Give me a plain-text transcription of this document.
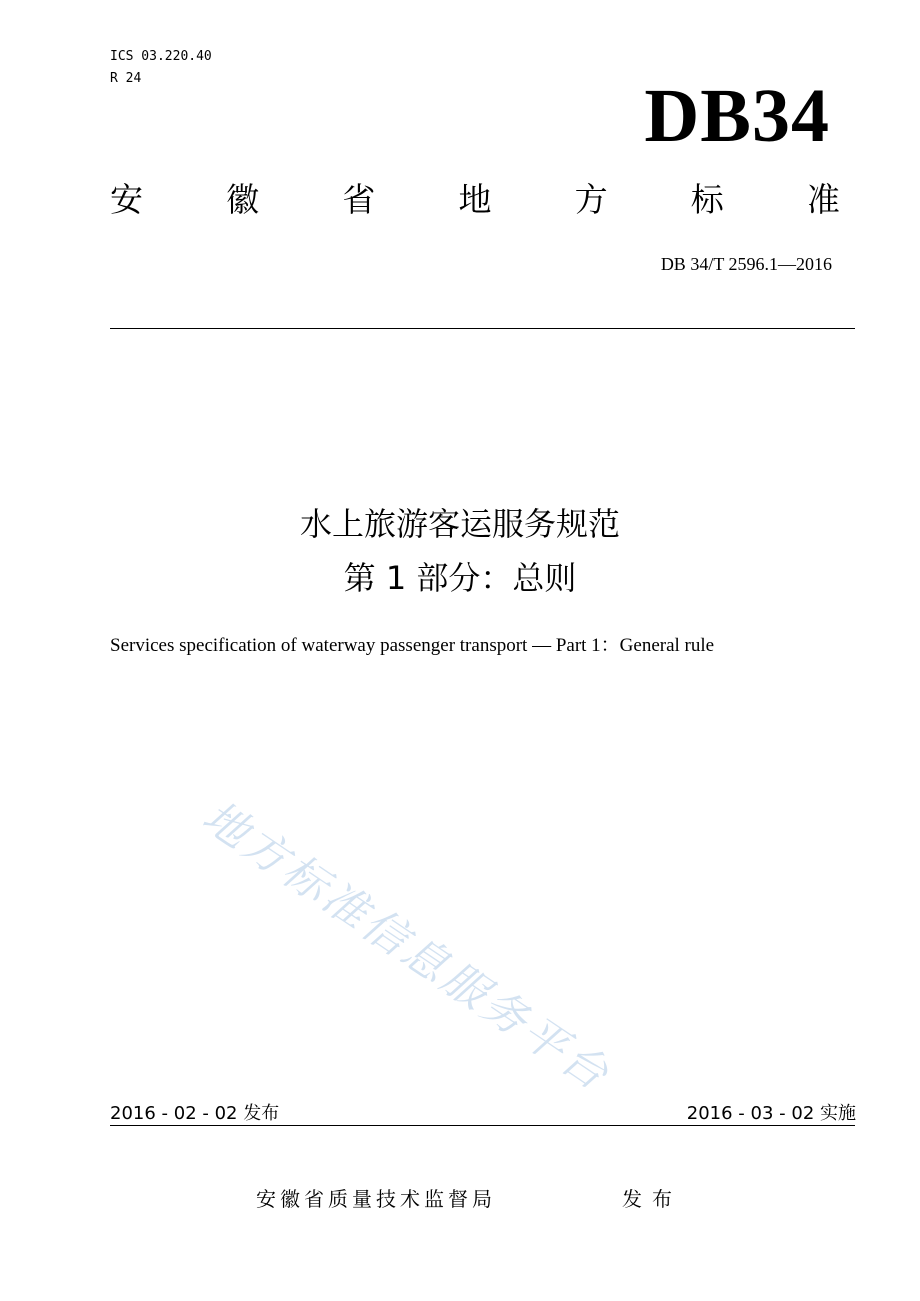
ICS 03.220.40
R 24	DB34
安	徽	省	地	方	标	准
DB 34/T 2596.1—2016
水上旅游客运服务规范
第 1 部分：总则
Services specification of waterway passenger transport — Part 1：General rule
地方标准信息服务平台
2016 - 02 - 02 发布	2016 - 03 - 02 实施
安徽省质量技术监督局	发布
